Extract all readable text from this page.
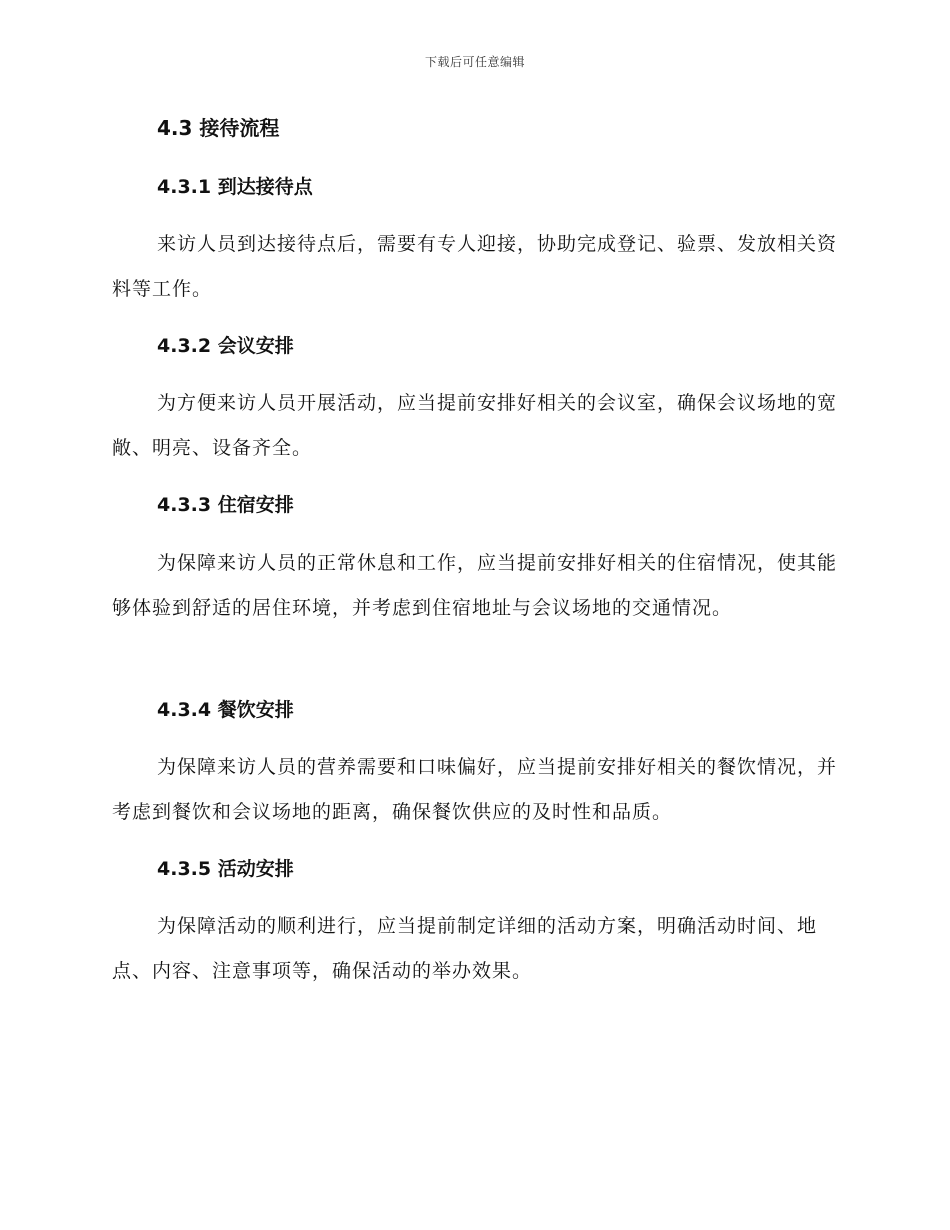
下载后可任意编辑
4.3 接待流程
4.3.1 到达接待点

来访人员到达接待点后，需要有专人迎接，协助完成登记、验票、发放相关资料等工作。

4.3.2 会议安排

为方便来访人员开展活动，应当提前安排好相关的会议室，确保会议场地的宽敞、明亮、设备齐全。

4.3.3 住宿安排

为保障来访人员的正常休息和工作，应当提前安排好相关的住宿情况，使其能够体验到舒适的居住环境，并考虑到住宿地址与会议场地的交通情况。

4.3.4 餐饮安排

为保障来访人员的营养需要和口味偏好，应当提前安排好相关的餐饮情况，并考虑到餐饮和会议场地的距离，确保餐饮供应的及时性和品质。

4.3.5 活动安排

为保障活动的顺利进行，应当提前制定详细的活动方案，明确活动时间、地点、内容、注意事项等，确保活动的举办效果。
